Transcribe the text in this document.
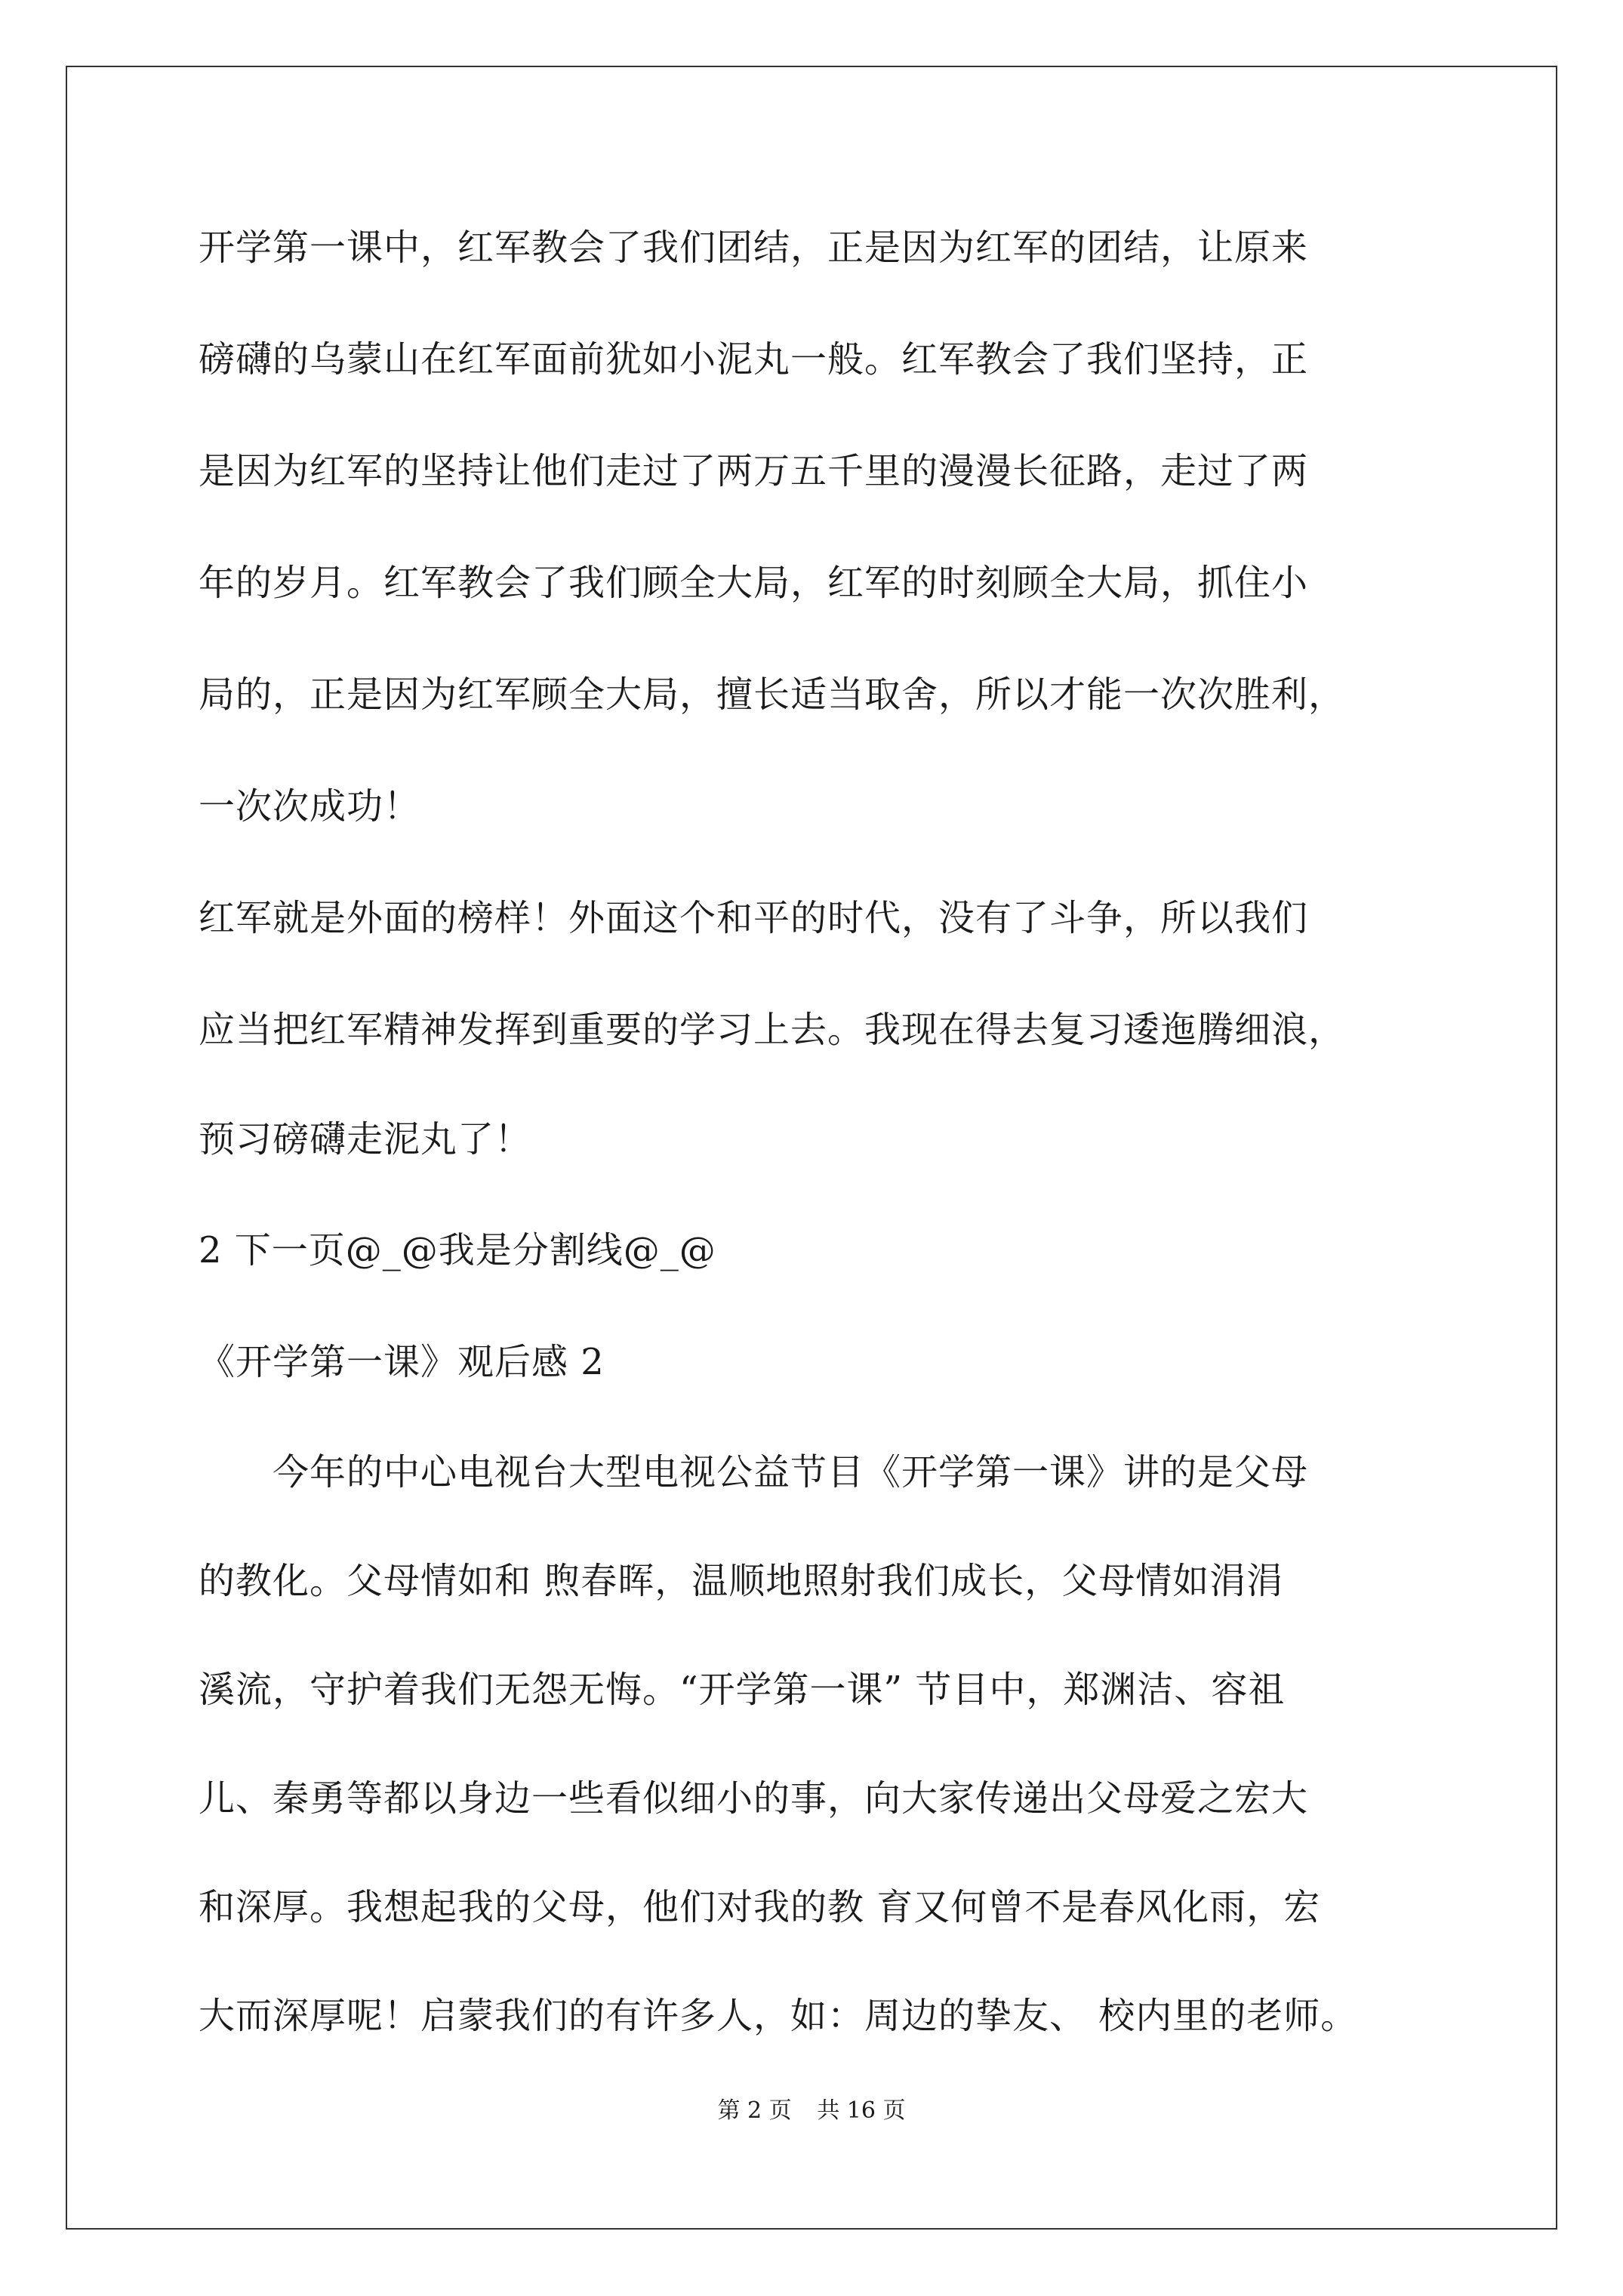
开学第一课中，红军教会了我们团结，正是因为红军的团结，让原来
磅礴的乌蒙山在红军面前犹如小泥丸一般。红军教会了我们坚持，正
是因为红军的坚持让他们走过了两万五千里的漫漫长征路，走过了两
年的岁月。红军教会了我们顾全大局，红军的时刻顾全大局，抓住小
局的，正是因为红军顾全大局，擅长适当取舍，所以才能一次次胜利，
一次次成功！
红军就是外面的榜样！外面这个和平的时代，没有了斗争，所以我们
应当把红军精神发挥到重要的学习上去。我现在得去复习逶迤腾细浪，
预习磅礴走泥丸了！
2 下一页@_@我是分割线@_@
《开学第一课》观后感 2
　　今年的中心电视台大型电视公益节目《开学第一课》讲的是父母
的教化。父母情如和 煦春晖，温顺地照射我们成长，父母情如涓涓
溪流，守护着我们无怨无悔。“开学第一课” 节目中，郑渊洁、容祖
儿、秦勇等都以身边一些看似细小的事，向大家传递出父母爱之宏大
和深厚。我想起我的父母，他们对我的教 育又何曾不是春风化雨，宏
大而深厚呢！启蒙我们的有许多人，如：周边的挚友、 校内里的老师。
第 2 页 共 16 页
